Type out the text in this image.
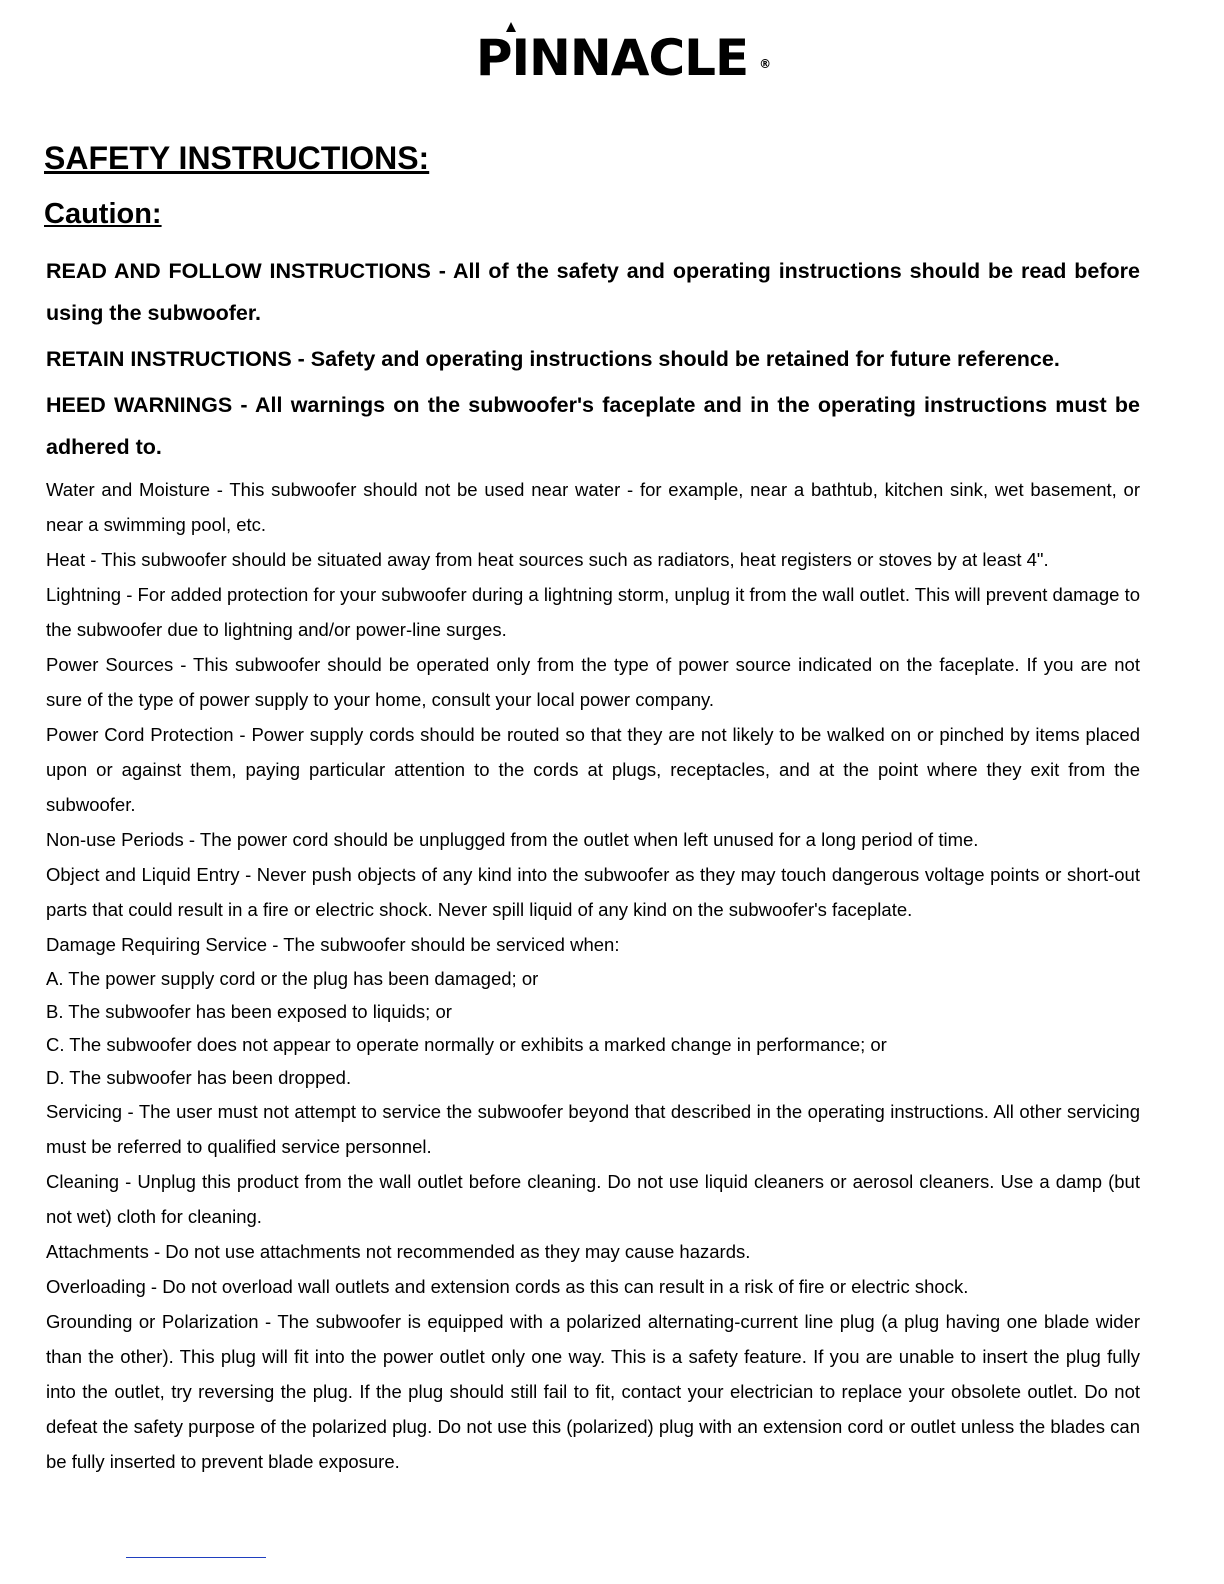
PINNACLE ®
SAFETY INSTRUCTIONS:
Caution:

READ AND FOLLOW INSTRUCTIONS - All of the safety and operating instructions should be read before using the subwoofer.

RETAIN INSTRUCTIONS - Safety and operating instructions should be retained for future reference.

HEED WARNINGS - All warnings on the subwoofer's faceplate and in the operating instructions must be adhered to.

Water and Moisture - This subwoofer should not be used near water - for example, near a bathtub, kitchen sink, wet basement, or near a swimming pool, etc.

Heat - This subwoofer should be situated away from heat sources such as radiators, heat registers or stoves by at least 4".

Lightning - For added protection for your subwoofer during a lightning storm, unplug it from the wall outlet. This will prevent damage to the subwoofer due to lightning and/or power-line surges.

Power Sources - This subwoofer should be operated only from the type of power source indicated on the faceplate. If you are not sure of the type of power supply to your home, consult your local power company.

Power Cord Protection - Power supply cords should be routed so that they are not likely to be walked on or pinched by items placed upon or against them, paying particular attention to the cords at plugs, receptacles, and at the point where they exit from the subwoofer.

Non-use Periods - The power cord should be unplugged from the outlet when left unused for a long period of time.

Object and Liquid Entry - Never push objects of any kind into the subwoofer as they may touch dangerous voltage points or short-out parts that could result in a fire or electric shock. Never spill liquid of any kind on the subwoofer's faceplate.

Damage Requiring Service - The subwoofer should be serviced when:

A. The power supply cord or the plug has been damaged; or

B. The subwoofer has been exposed to liquids; or

C. The subwoofer does not appear to operate normally or exhibits a marked change in performance; or

D. The subwoofer has been dropped.

Servicing - The user must not attempt to service the subwoofer beyond that described in the operating instructions. All other servicing must be referred to qualified service personnel.

Cleaning - Unplug this product from the wall outlet before cleaning. Do not use liquid cleaners or aerosol cleaners. Use a damp (but not wet) cloth for cleaning.

Attachments - Do not use attachments not recommended as they may cause hazards.

Overloading - Do not overload wall outlets and extension cords as this can result in a risk of fire or electric shock.

Grounding or Polarization - The subwoofer is equipped with a polarized alternating-current line plug (a plug having one blade wider than the other). This plug will fit into the power outlet only one way. This is a safety feature. If you are unable to insert the plug fully into the outlet, try reversing the plug. If the plug should still fail to fit, contact your electrician to replace your obsolete outlet. Do not defeat the safety purpose of the polarized plug. Do not use this (polarized) plug with an extension cord or outlet unless the blades can be fully inserted to prevent blade exposure.
